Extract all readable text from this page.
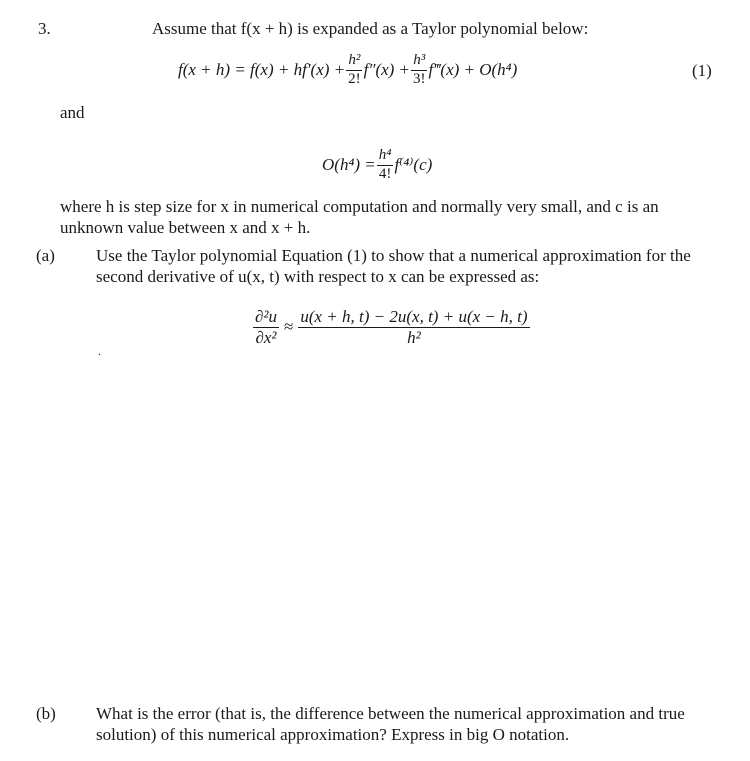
3.	Assume that f(x + h) is expanded as a Taylor polynomial below:
$f(x + h) = f(x) + hf'(x) + \frac{\text{h²}}{2!} f''(x) + \frac{\text{h³}}{3!}$ f‴(x) + O(h⁴)	(1)
and
$O(h^4) = \frac{\text{h⁴}}{4!} f^{(4)}(c)$
where h is step size for x in numerical computation and normally very small, and c is an unknown value between x and x + h.
(a) Use the Taylor polynomial Equation (1) to show that a numerical approximation for the second derivative of u(x, t) with respect to x can be expressed as:
$\frac{\text{∂²u}}{\text{∂x²}} \approx \frac{u(x + h, t) - 2u(x, t) + u(x - h, t)}{\text{h²}}$
.
(b) What is the error (that is, the difference between the numerical approximation and true solution) of this numerical approximation? Express in big O notation.
